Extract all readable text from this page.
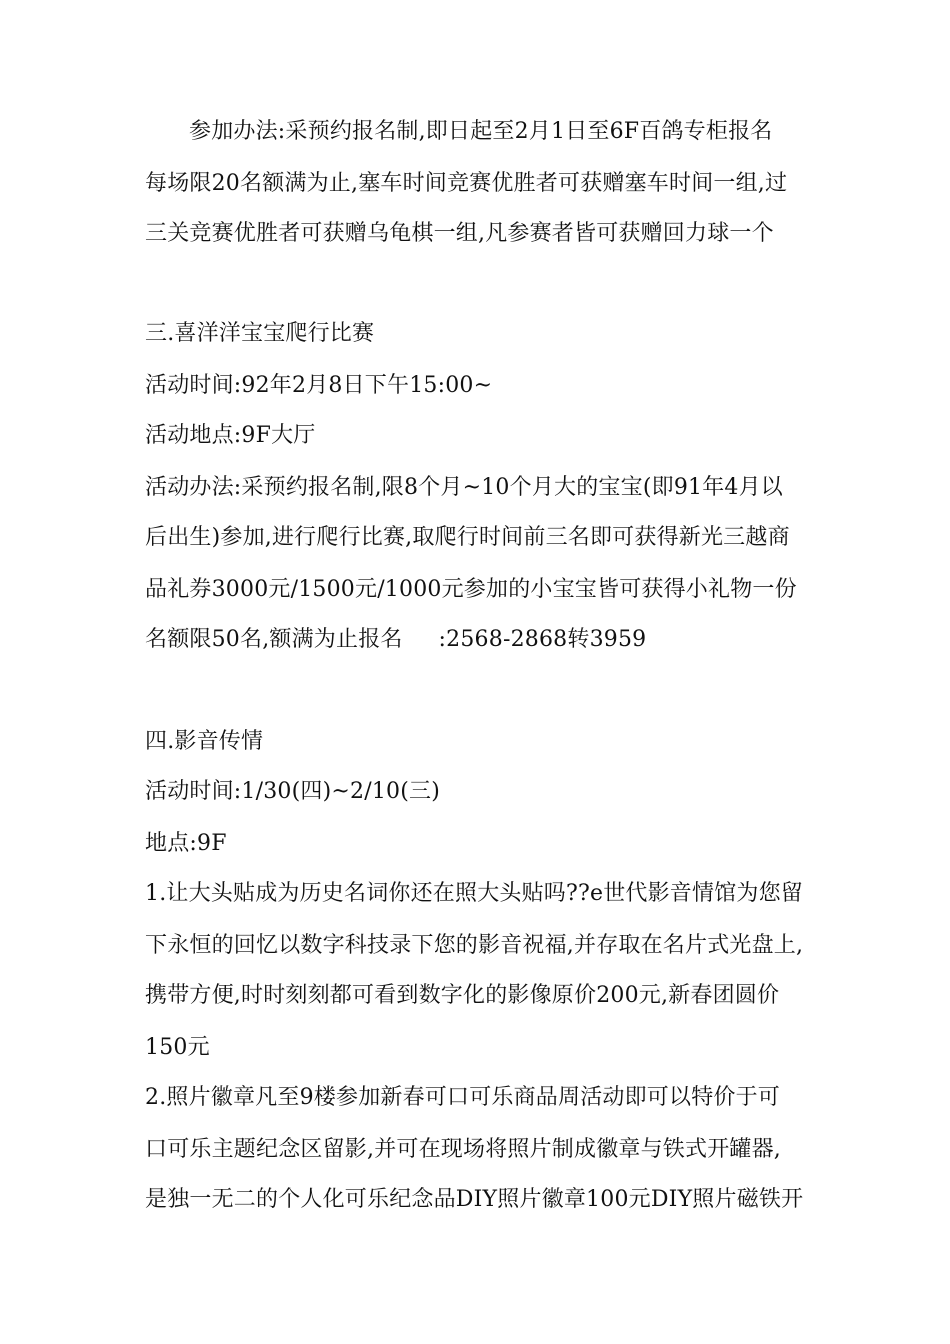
参加办法:采预约报名制,即日起至2月1日至6F百鸽专柜报名
每场限20名额满为止,塞车时间竞赛优胜者可获赠塞车时间一组,过
三关竞赛优胜者可获赠乌龟棋一组,凡参赛者皆可获赠回力球一个
三.喜洋洋宝宝爬行比赛
活动时间:92年2月8日下午15:00~
活动地点:9F大厅
活动办法:采预约报名制,限8个月~10个月大的宝宝(即91年4月以
后出生)参加,进行爬行比赛,取爬行时间前三名即可获得新光三越商
品礼券3000元/1500元/1000元参加的小宝宝皆可获得小礼物一份
名额限50名,额满为止报名     :2568-2868转3959
四.影音传情
活动时间:1/30(四)~2/10(三)
地点:9F
1.让大头贴成为历史名词你还在照大头贴吗??e世代影音情馆为您留
下永恒的回忆以数字科技录下您的影音祝福,并存取在名片式光盘上,
携带方便,时时刻刻都可看到数字化的影像原价200元,新春团圆价
150元
2.照片徽章凡至9楼参加新春可口可乐商品周活动即可以特价于可
口可乐主题纪念区留影,并可在现场将照片制成徽章与铁式开罐器,
是独一无二的个人化可乐纪念品DIY照片徽章100元DIY照片磁铁开
